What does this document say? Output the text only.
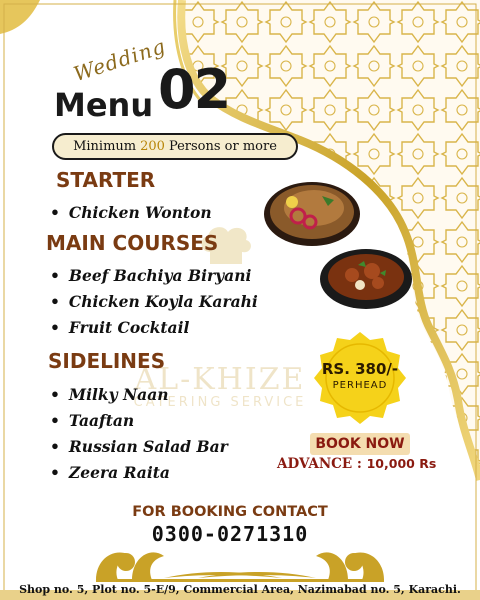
Wedding
Menu 02
Minimum 200 Persons or more
STARTER
• Chicken Wonton
MAIN COURSES
• Beef Bachiya Biryani
• Chicken Koyla Karahi
• Fruit Cocktail
AL-KHIZE
CATERING SERVICE
SIDELINES
• Milky Naan
• Taaftan
• Russian Salad Bar
• Zeera Raita
RS. 380/-
PERHEAD
BOOK NOW
ADVANCE : 10,000 Rs
FOR BOOKING CONTACT
0300-0271310
Shop no. 5, Plot no. 5-E/9, Commercial Area, Nazimabad no. 5, Karachi.
